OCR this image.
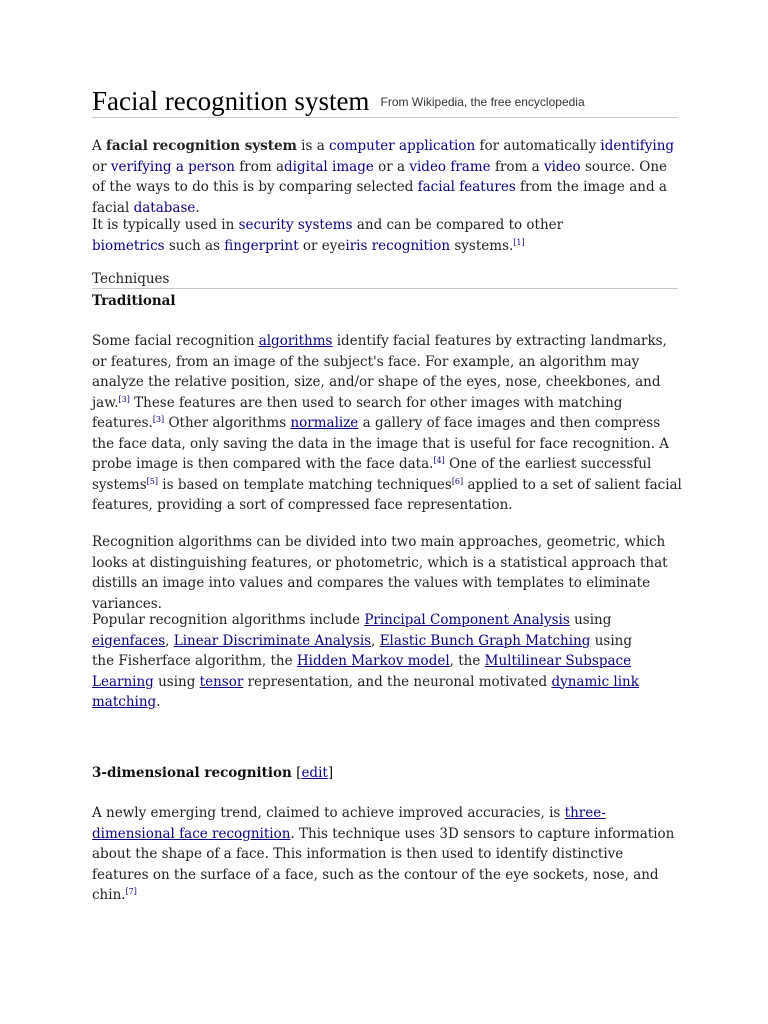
Facial recognition system $^{From Wikipedia, the free encyclopedia}$

A facial recognition system is a computer application for automatically identifying or verifying a person from adigital image or a video frame from a video source. One of the ways to do this is by comparing selected facial features from the image and a facial database.

It is typically used in security systems and can be compared to other biometrics such as fingerprint or eyeiris recognition systems.[1]

Techniques
Traditional

Some facial recognition algorithms identify facial features by extracting landmarks, or features, from an image of the subject's face. For example, an algorithm may analyze the relative position, size, and/or shape of the eyes, nose, cheekbones, and jaw.[3] These features are then used to search for other images with matching features.[3] Other algorithms normalize a gallery of face images and then compress the face data, only saving the data in the image that is useful for face recognition. A probe image is then compared with the face data.[4] One of the earliest successful systems[5] is based on template matching techniques[6] applied to a set of salient facial features, providing a sort of compressed face representation.

Recognition algorithms can be divided into two main approaches, geometric, which looks at distinguishing features, or photometric, which is a statistical approach that distills an image into values and compares the values with templates to eliminate variances.

Popular recognition algorithms include Principal Component Analysis using eigenfaces, Linear Discriminate Analysis, Elastic Bunch Graph Matching using the Fisherface algorithm, the Hidden Markov model, the Multilinear Subspace Learning using tensor representation, and the neuronal motivated dynamic link matching.

3-dimensional recognition [edit]

A newly emerging trend, claimed to achieve improved accuracies, is three-dimensional face recognition. This technique uses 3D sensors to capture information about the shape of a face. This information is then used to identify distinctive features on the surface of a face, such as the contour of the eye sockets, nose, and chin.[7]
